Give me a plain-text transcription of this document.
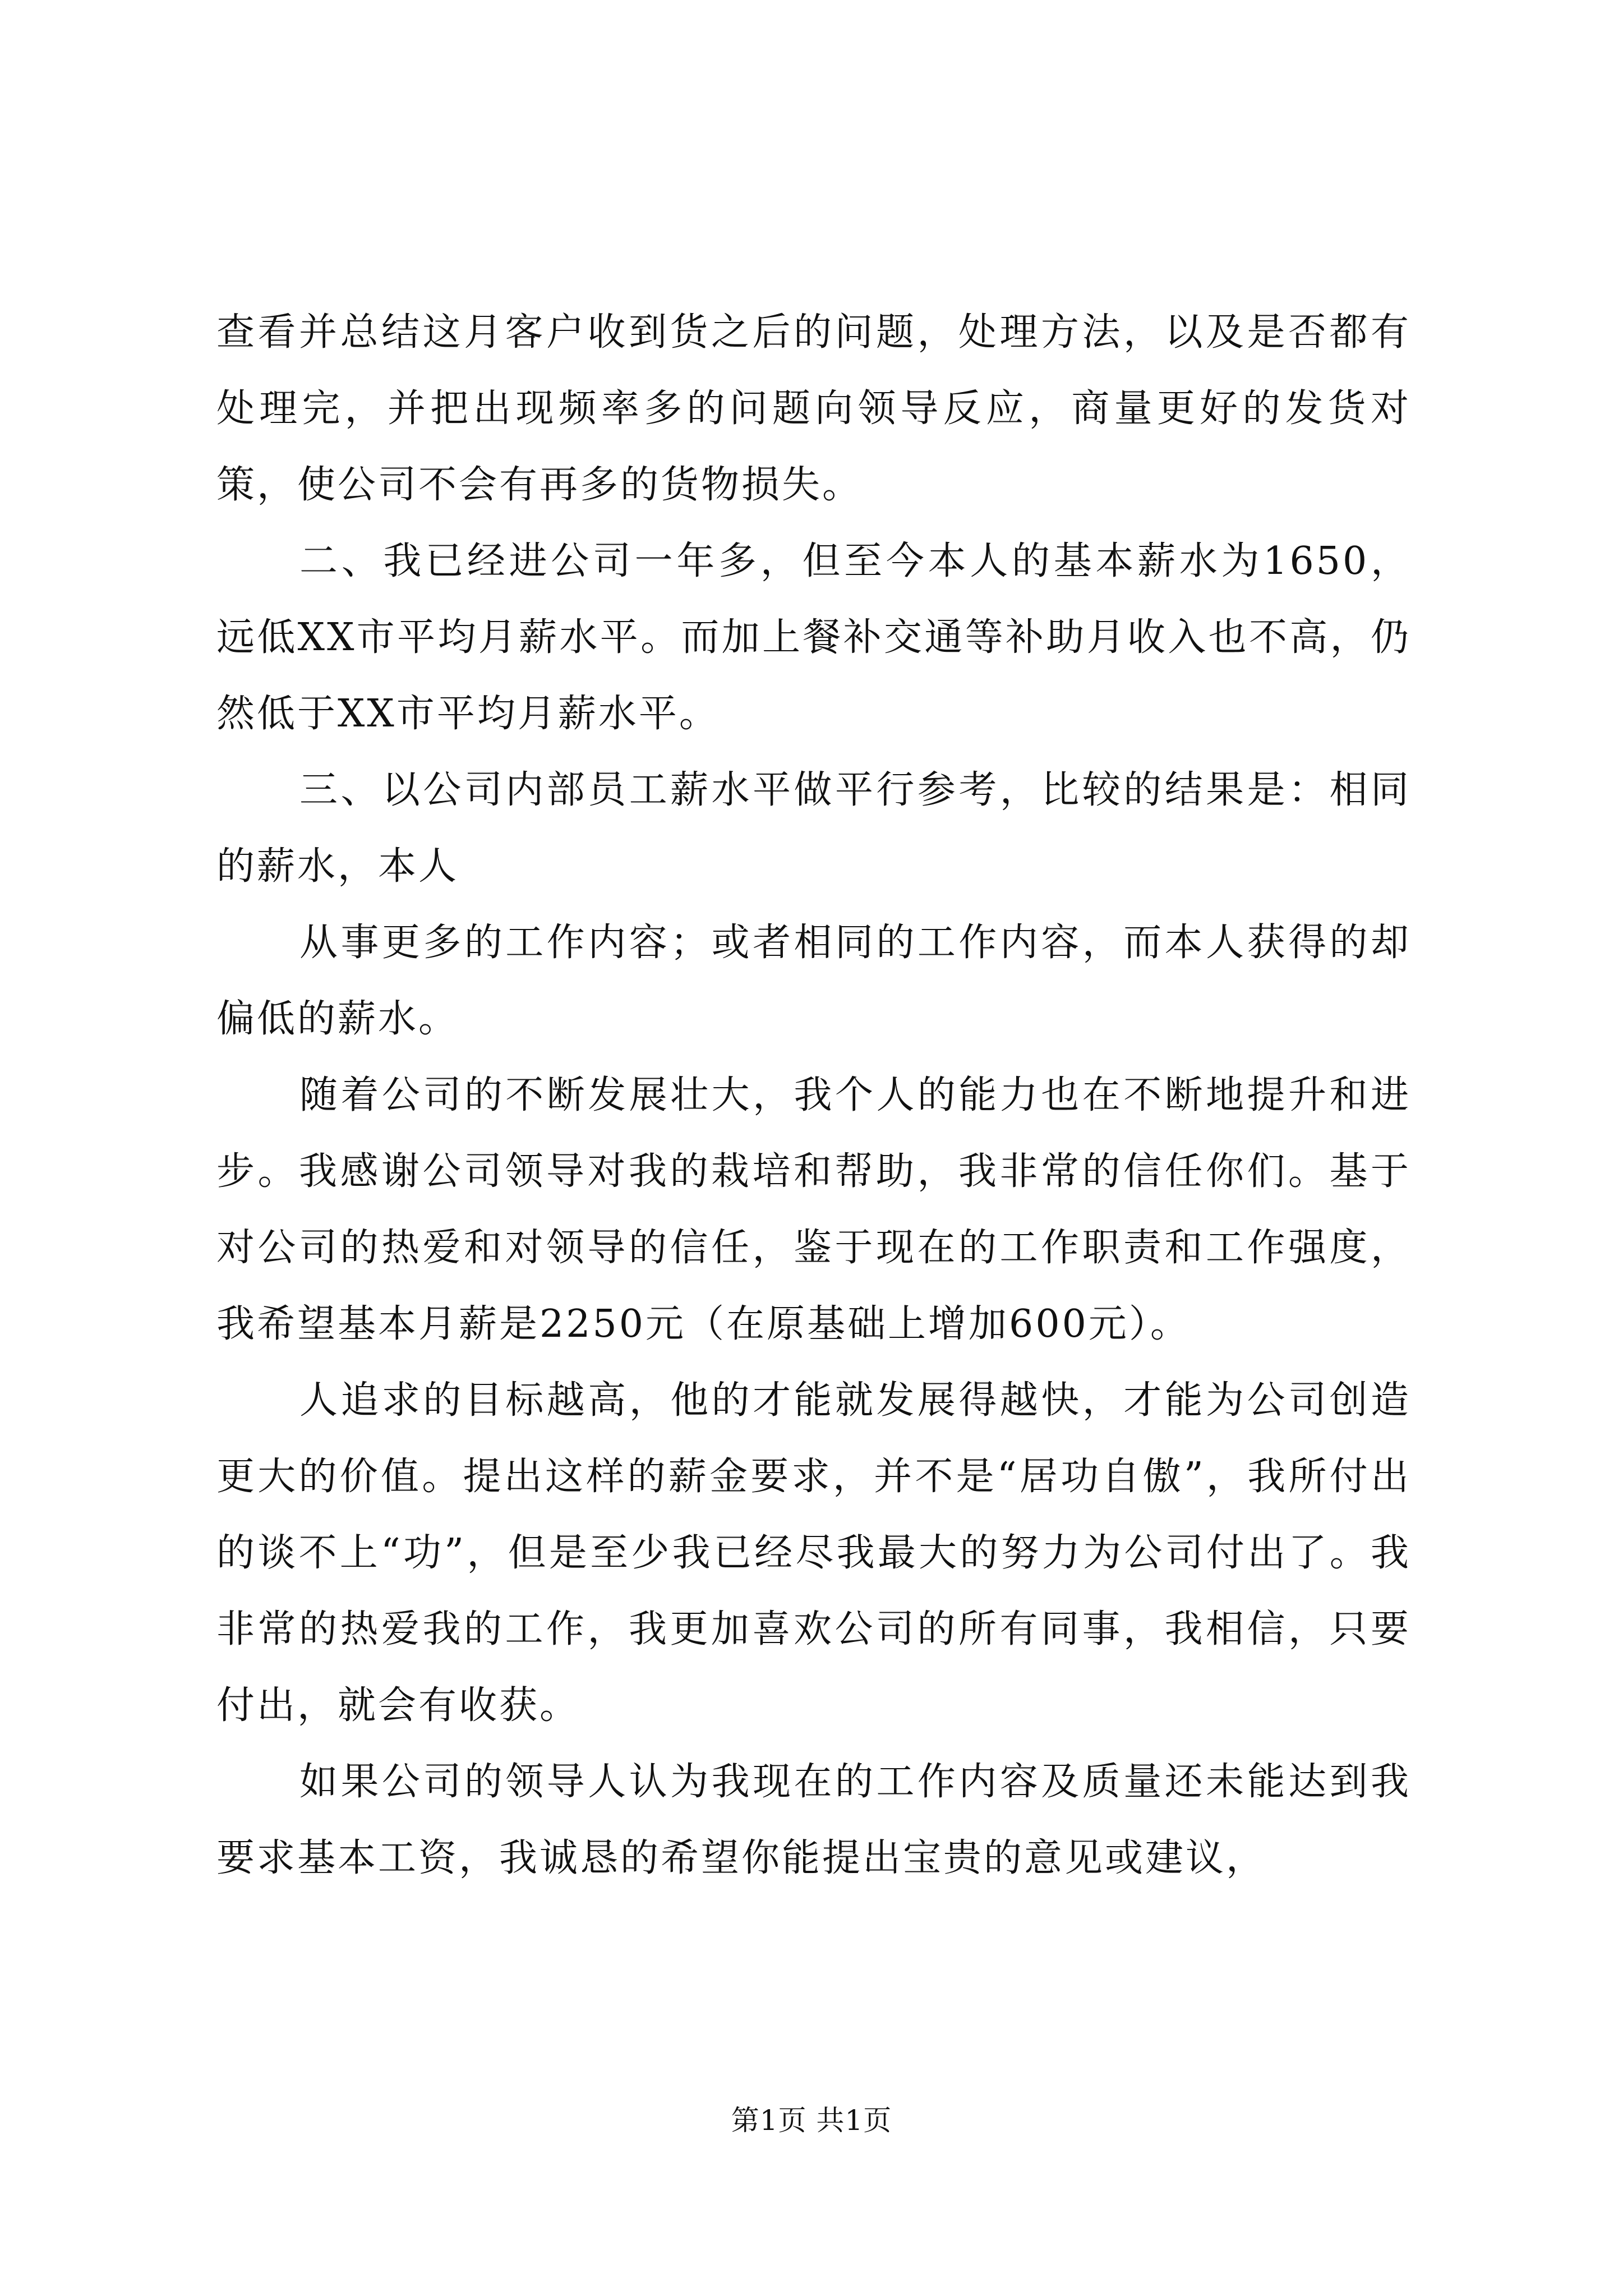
查看并总结这月客户收到货之后的问题，处理方法，以及是否都有处理完，并把出现频率多的问题向领导反应，商量更好的发货对策，使公司不会有再多的货物损失。

二、我已经进公司一年多，但至今本人的基本薪水为1650，远低XX市平均月薪水平。而加上餐补交通等补助月收入也不高，仍然低于XX市平均月薪水平。

三、以公司内部员工薪水平做平行参考，比较的结果是：相同的薪水，本人

从事更多的工作内容；或者相同的工作内容，而本人获得的却偏低的薪水。

随着公司的不断发展壮大，我个人的能力也在不断地提升和进步。我感谢公司领导对我的栽培和帮助，我非常的信任你们。基于对公司的热爱和对领导的信任，鉴于现在的工作职责和工作强度，我希望基本月薪是2250元（在原基础上增加600元）。

人追求的目标越高，他的才能就发展得越快，才能为公司创造更大的价值。提出这样的薪金要求，并不是“居功自傲”，我所付出的谈不上“功”，但是至少我已经尽我最大的努力为公司付出了。我非常的热爱我的工作，我更加喜欢公司的所有同事，我相信，只要付出，就会有收获。

如果公司的领导人认为我现在的工作内容及质量还未能达到我要求基本工资，我诚恳的希望你能提出宝贵的意见或建议，

第1页 共1页
